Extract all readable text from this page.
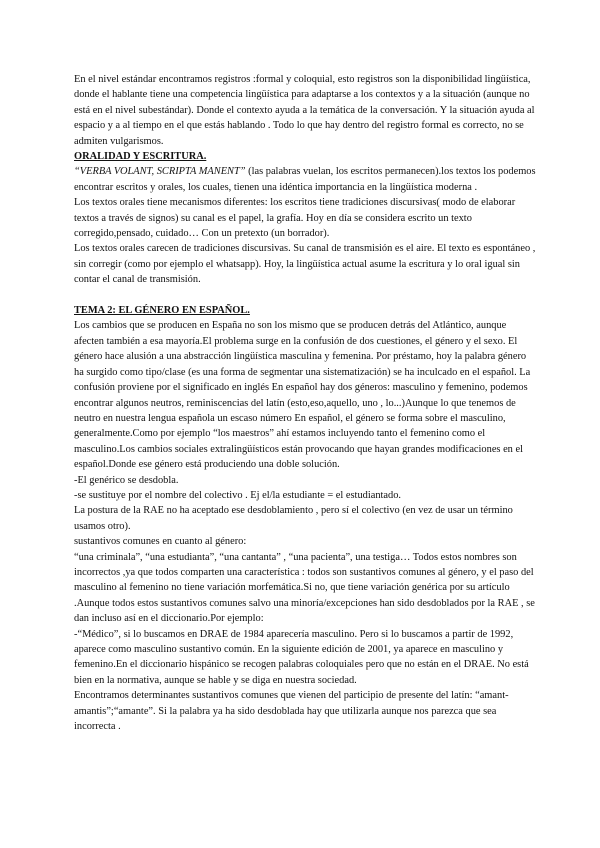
En el nivel estándar encontramos registros :formal y coloquial, esto registros son la disponibilidad lingüística, donde el hablante tiene una competencia lingüística para adaptarse a los contextos y a la situación (aunque no está en el nivel subestándar). Donde el contexto ayuda a la temática de la conversación. Y la situación ayuda al espacio y a al tiempo en el que estás hablando . Todo lo que hay dentro del registro formal es correcto, no se admiten vulgarismos.

ORALIDAD Y ESCRITURA.

“VERBA VOLANT, SCRIPTA MANENT” (las palabras vuelan, los escritos permanecen).los textos los podemos encontrar escritos y orales, los cuales, tienen una idéntica importancia en la lingüística moderna .

Los textos orales tiene mecanismos diferentes: los escritos tiene tradiciones discursivas( modo de elaborar textos a través de signos) su canal es el papel, la grafía. Hoy en día se considera escrito un texto corregido,pensado, cuidado… Con un pretexto (un borrador).

Los textos orales carecen de tradiciones discursivas. Su canal de transmisión es el aire. El texto es espontáneo , sin corregir (como por ejemplo el whatsapp). Hoy, la lingüística actual asume la escritura y lo oral igual sin contar el canal de transmisión.

TEMA 2: EL GÉNERO EN ESPAÑOL.

Los cambios que se producen en España no son los mismo que se producen detrás del Atlántico, aunque afecten también a esa mayoría.El problema surge en la confusión de dos cuestiones, el género y el sexo. El género hace alusión a una abstracción lingüística masculina y femenina. Por préstamo, hoy la palabra género ha surgido como tipo/clase (es una forma de segmentar una sistematización) se ha inculcado en el español. La confusión proviene por el significado en inglés En español hay dos géneros: masculino y femenino, podemos encontrar algunos neutros, reminiscencias del latín (esto,eso,aquello, uno , lo...)Aunque lo que tenemos de neutro en nuestra lengua española un escaso número En español, el género se forma sobre el masculino, generalmente.Como por ejemplo “los maestros” ahí estamos incluyendo tanto el femenino como el masculino.Los cambios sociales extralingüísticos están provocando que hayan grandes modificaciones en el español.Donde ese género está produciendo una doble solución.

-El genérico se desdobla.

-se sustituye por el nombre del colectivo . Ej el/la estudiante = el estudiantado.

La postura de la RAE no ha aceptado ese desdoblamiento , pero sí el colectivo (en vez de usar un término usamos otro).

sustantivos comunes en cuanto al género:

“una criminala”, “una estudianta”, “una cantanta” , “una pacienta”, una testiga… Todos estos nombres son incorrectos ,ya que todos comparten una característica : todos son sustantivos comunes al género, y el paso del masculino al femenino no tiene variación morfemática.Si no, que tiene variación genérica por su artículo .Aunque todos estos sustantivos comunes salvo una minoría/excepciones han sido desdoblados por la RAE , se dan incluso así en el diccionario.Por ejemplo:

-“Médico”, si lo buscamos en DRAE de 1984 aparecería masculino. Pero si lo buscamos a partir de 1992, aparece como masculino sustantivo común. En la siguiente edición de 2001, ya aparece en masculino y femenino.En el diccionario hispánico se recogen palabras coloquiales pero que no están en el DRAE. No está bien en la normativa, aunque se hable y se diga en nuestra sociedad.

Encontramos determinantes sustantivos comunes que vienen del participio de presente del latín: “amant-amantis”;“amante”. Si la palabra ya ha sido desdoblada hay que utilizarla aunque nos parezca que sea incorrecta .
